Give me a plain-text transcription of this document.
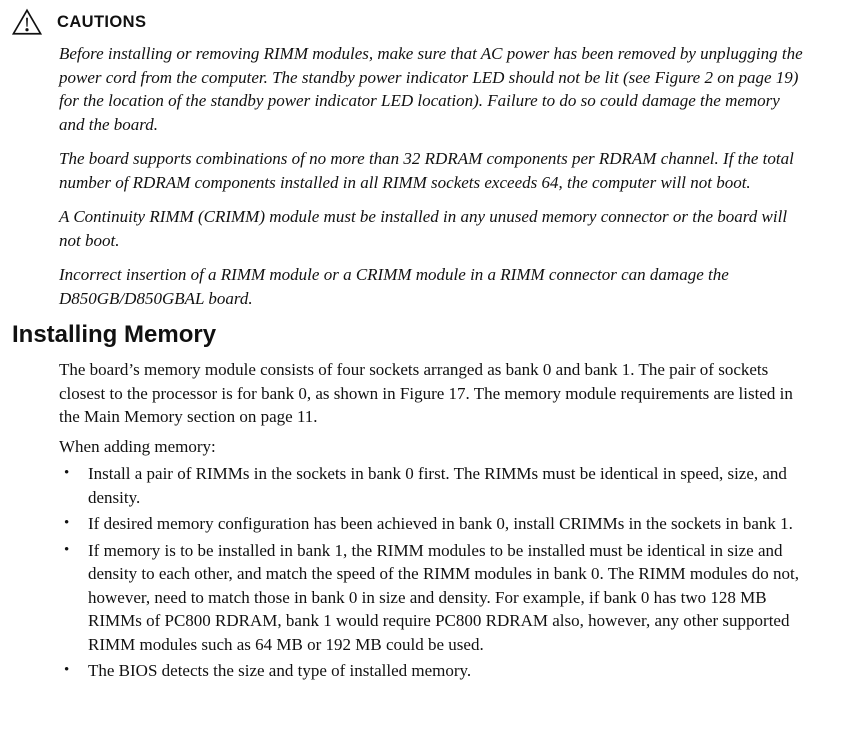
CAUTIONS

Before installing or removing RIMM modules, make sure that AC power has been removed by unplugging the power cord from the computer. The standby power indicator LED should not be lit (see Figure 2 on page 19) for the location of the standby power indicator LED location). Failure to do so could damage the memory and the board.

The board supports combinations of no more than 32 RDRAM components per RDRAM channel. If the total number of RDRAM components installed in all RIMM sockets exceeds 64, the computer will not boot.

A Continuity RIMM (CRIMM) module must be installed in any unused memory connector or the board will not boot.

Incorrect insertion of a RIMM module or a CRIMM module in a RIMM connector can damage the D850GB/D850GBAL board.

Installing Memory

The board’s memory module consists of four sockets arranged as bank 0 and bank 1. The pair of sockets closest to the processor is for bank 0, as shown in Figure 17. The memory module requirements are listed in the Main Memory section on page 11.

When adding memory:

•	Install a pair of RIMMs in the sockets in bank 0 first. The RIMMs must be identical in speed, size, and density.
•	If desired memory configuration has been achieved in bank 0, install CRIMMs in the sockets in bank 1.
•	If memory is to be installed in bank 1, the RIMM modules to be installed must be identical in size and density to each other, and match the speed of the RIMM modules in bank 0. The RIMM modules do not, however, need to match those in bank 0 in size and density. For example, if bank 0 has two 128 MB RIMMs of PC800 RDRAM, bank 1 would require PC800 RDRAM also, however, any other supported RIMM modules such as 64 MB or 192 MB could be used.
•	The BIOS detects the size and type of installed memory.
